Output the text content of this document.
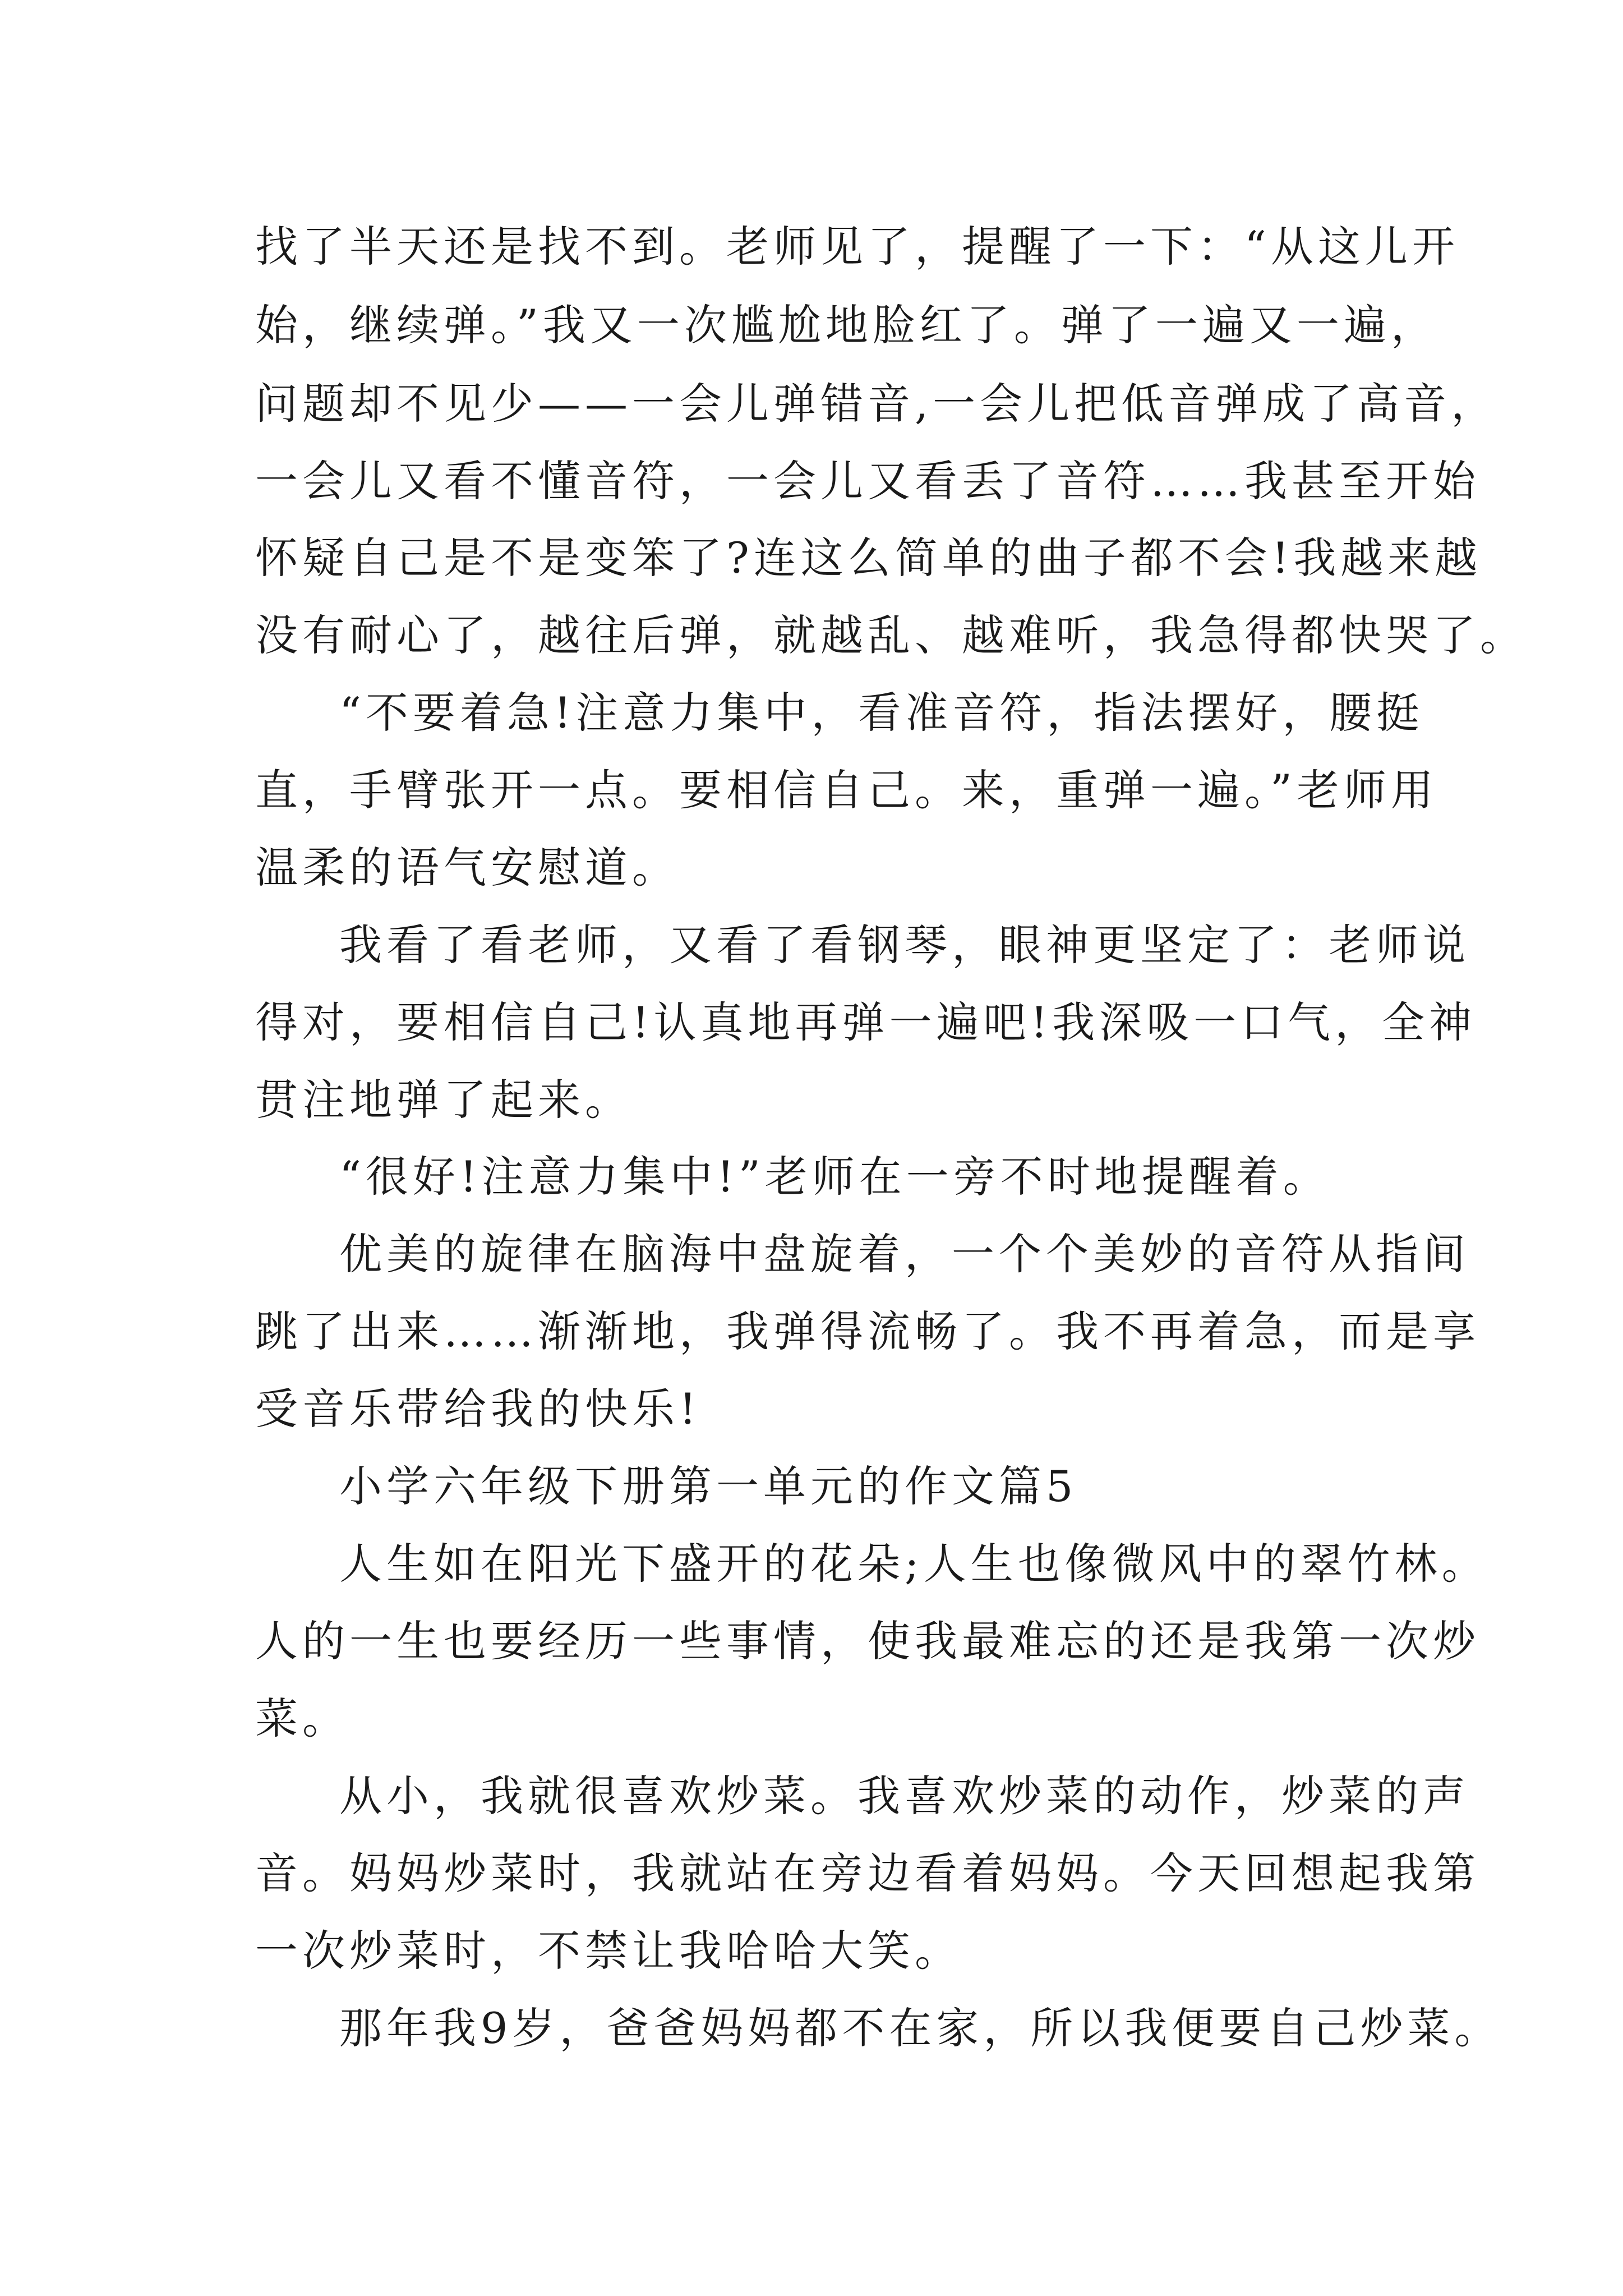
找了半天还是找不到。老师见了，提醒了一下：“从这儿开

始，继续弹。”我又一次尴尬地脸红了。弹了一遍又一遍，

问题却不见少——一会儿弹错音,一会儿把低音弹成了高音，

一会儿又看不懂音符，一会儿又看丢了音符……我甚至开始

怀疑自己是不是变笨了?连这么简单的曲子都不会!我越来越

没有耐心了，越往后弹，就越乱、越难听，我急得都快哭了。

“不要着急!注意力集中，看准音符，指法摆好，腰挺

直，手臂张开一点。要相信自己。来，重弹一遍。”老师用

温柔的语气安慰道。

我看了看老师，又看了看钢琴，眼神更坚定了：老师说

得对，要相信自己!认真地再弹一遍吧!我深吸一口气，全神

贯注地弹了起来。

“很好!注意力集中!”老师在一旁不时地提醒着。

优美的旋律在脑海中盘旋着，一个个美妙的音符从指间

跳了出来……渐渐地，我弹得流畅了。我不再着急，而是享

受音乐带给我的快乐!

小学六年级下册第一单元的作文篇5

人生如在阳光下盛开的花朵;人生也像微风中的翠竹林。

人的一生也要经历一些事情，使我最难忘的还是我第一次炒

菜。

从小，我就很喜欢炒菜。我喜欢炒菜的动作，炒菜的声

音。妈妈炒菜时，我就站在旁边看着妈妈。今天回想起我第

一次炒菜时，不禁让我哈哈大笑。

那年我9岁，爸爸妈妈都不在家，所以我便要自己炒菜。
